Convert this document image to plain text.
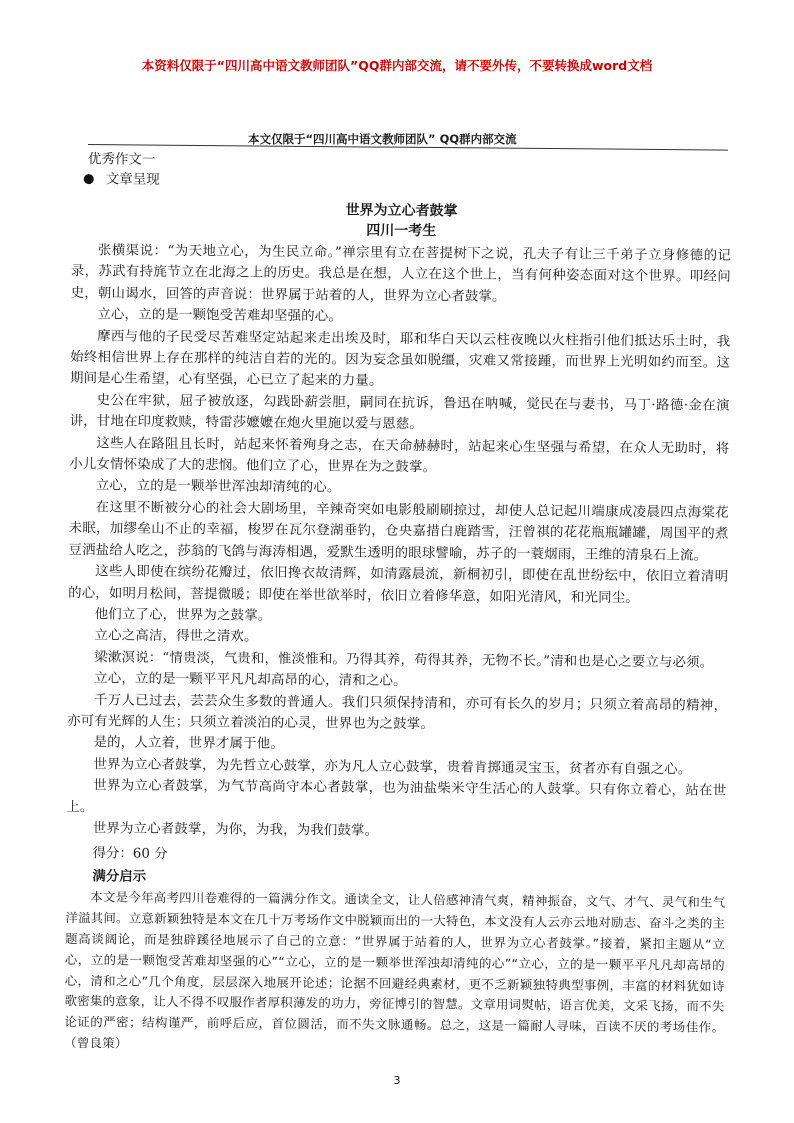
本资料仅限于“四川高中语文教师团队”QQ群内部交流，请不要外传，不要转换成word文档
本文仅限于“四川高中语文教师团队” QQ群内部交流

优秀作文一

文章呈现
世界为立心者鼓掌
四川一考生

张横渠说：“为天地立心，为生民立命。”禅宗里有立在菩提树下之说，孔夫子有让三千弟子立身修德的记录，苏武有持旄节立在北海之上的历史。我总是在想，人立在这个世上，当有何种姿态面对这个世界。叩经问史，朝山谒水，回答的声音说：世界属于站着的人，世界为立心者鼓掌。

立心，立的是一颗饱受苦难却坚强的心。

摩西与他的子民受尽苦难坚定站起来走出埃及时，耶和华白天以云柱夜晚以火柱指引他们抵达乐土时，我始终相信世界上存在那样的纯洁自若的光的。因为妄念虽如脱缰，灾难又常接踵，而世界上光明如约而至。这期间是心生希望，心有坚强，心已立了起来的力量。

史公在牢狱，屈子被放逐，勾践卧薪尝胆，嗣同在抗诉，鲁迅在呐喊，觉民在与妻书，马丁·路德·金在演讲，甘地在印度救赎，特雷莎嬷嬷在炮火里施以爱与恩慈。

这些人在路阻且长时，站起来怀着殉身之志，在天命赫赫时，站起来心生坚强与希望，在众人无助时，将小儿女情怀染成了大的悲悯。他们立了心，世界在为之鼓掌。

立心，立的是一颗举世浑浊却清纯的心。

在这里不断被分心的社会大剧场里，辛辣奇突如电影般刷刷掠过，却使人总记起川端康成凌晨四点海棠花未眠，加缪垒山不止的幸福，梭罗在瓦尔登湖垂钓，仓央嘉措白鹿踏雪，汪曾祺的花花瓶瓶罐罐，周国平的煮豆洒盐给人吃之，莎翁的飞鸽与海涛相遇，爱默生透明的眼球譬喻，苏子的一蓑烟雨，王维的清泉石上流。

这些人即使在缤纷花瓣过，依旧搀衣故清辉，如清露晨流，新桐初引，即使在乱世纷纭中，依旧立着清明的心，如明月松间，菩提微暖；即使在举世欲举时，依旧立着修华意，如阳光清风，和光同尘。

他们立了心，世界为之鼓掌。

立心之高洁，得世之清欢。

梁漱溟说：“情贵淡，气贵和，惟淡惟和。乃得其养，苟得其养，无物不长。”清和也是心之要立与必须。

立心，立的是一颗平平凡凡却高昂的心，清和之心。

千万人已过去，芸芸众生多数的普通人。我们只须保持清和，亦可有长久的岁月；只须立着高昂的精神，亦可有光辉的人生；只须立着淡泊的心灵，世界也为之鼓掌。

是的，人立着，世界才属于他。

世界为立心者鼓掌，为先哲立心鼓掌，亦为凡人立心鼓掌，贵着肯掷通灵宝玉，贫者亦有自强之心。

世界为立心者鼓掌，为气节高尚守本心者鼓掌，也为油盐柴米守生活心的人鼓掌。只有你立着心，站在世上。

世界为立心者鼓掌，为你，为我，为我们鼓掌。

得分：60 分

满分启示

本文是今年高考四川卷难得的一篇满分作文。通读全文，让人倍感神清气爽，精神振奋，文气、才气、灵气和生气洋溢其间。立意新颖独特是本文在几十万考场作文中脱颖而出的一大特色，本文没有人云亦云地对励志、奋斗之类的主题高谈阔论，而是独辟蹊径地展示了自己的立意：“世界属于站着的人，世界为立心者鼓掌。”接着，紧扣主题从“立心，立的是一颗饱受苦难却坚强的心”“立心，立的是一颗举世浑浊却清纯的心”“立心，立的是一颗平平凡凡却高昂的心，清和之心”几个角度，层层深入地展开论述；论据不回避经典素材，更不乏新颖独特典型事例，丰富的材料犹如诗歌密集的意象，让人不得不叹服作者厚积薄发的功力，旁征博引的智慧。文章用词熨帖，语言优美，文采飞扬，而不失论证的严密；结构谨严，前呼后应，首位圆活，而不失文脉通畅。总之，这是一篇耐人寻味，百读不厌的考场佳作。（曾良策）

3
